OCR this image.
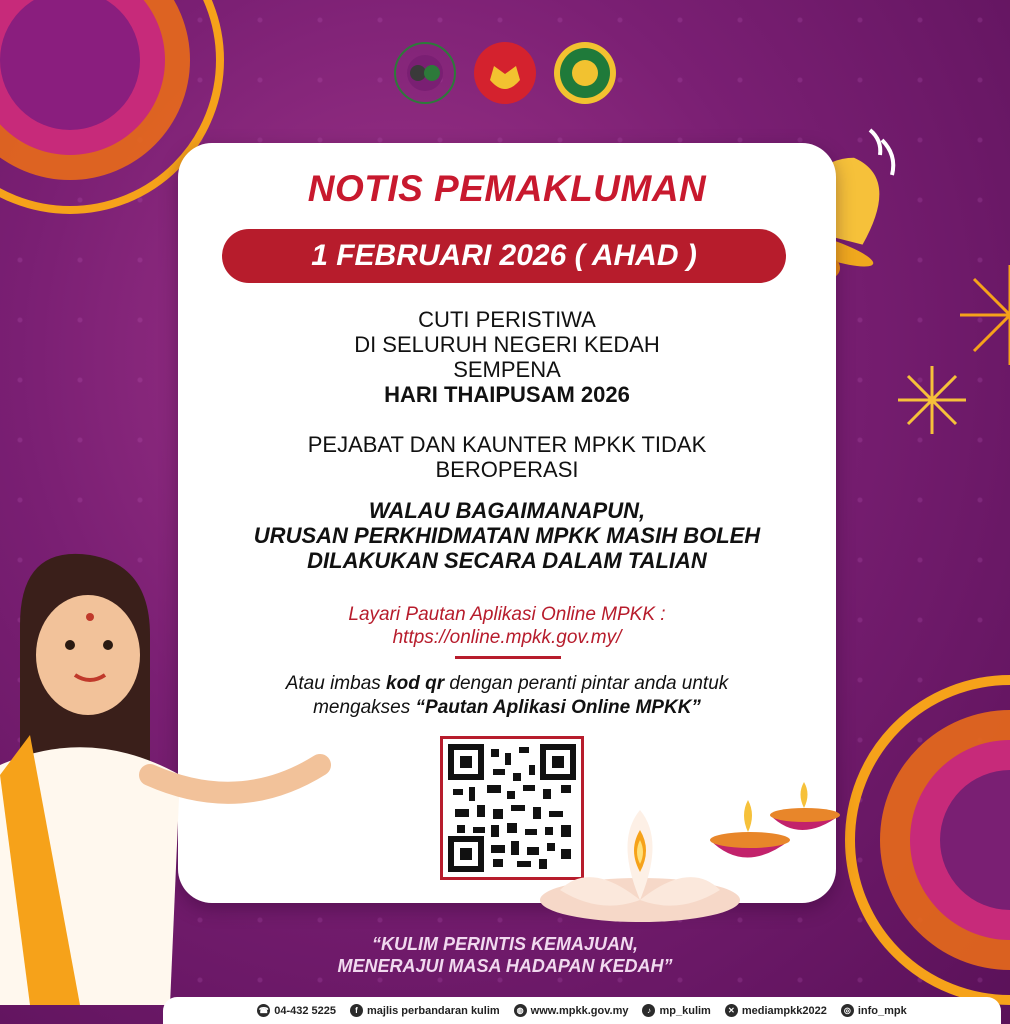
NOTIS PEMAKLUMAN
1 FEBRUARI 2026 ( AHAD )
CUTI PERISTIWA
DI SELURUH NEGERI KEDAH
SEMPENA
HARI THAIPUSAM 2026
PEJABAT DAN KAUNTER MPKK TIDAK
BEROPERASI
WALAU BAGAIMANAPUN,
URUSAN PERKHIDMATAN MPKK MASIH BOLEH
DILAKUKAN SECARA DALAM TALIAN
Layari Pautan Aplikasi Online MPKK :
https://online.mpkk.gov.my/
Atau imbas kod qr dengan peranti pintar anda untuk
mengakses “Pautan Aplikasi Online MPKK”
“KULIM PERINTIS KEMAJUAN,
MENERAJUI MASA HADAPAN KEDAH”
☎ 04-432 5225	f majlis perbandaran kulim	◍ www.mpkk.gov.my	♪ mp_kulim	✕ mediampkk2022	◎ info_mpk
